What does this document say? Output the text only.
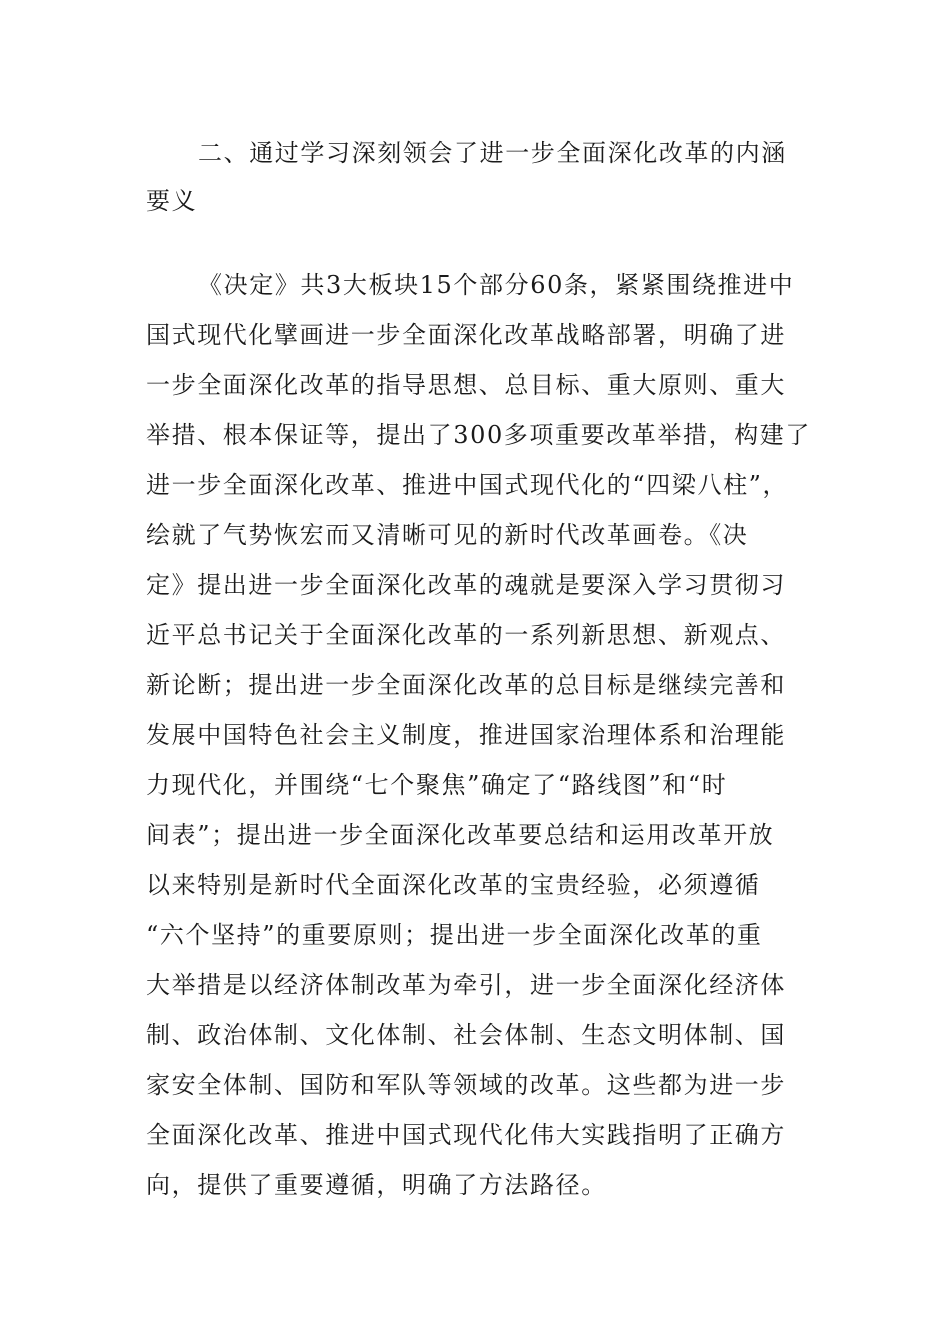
二、通过学习深刻领会了进一步全面深化改革的内涵
要义
《决定》共3大板块15个部分60条，紧紧围绕推进中
国式现代化擘画进一步全面深化改革战略部署，明确了进
一步全面深化改革的指导思想、总目标、重大原则、重大
举措、根本保证等，提出了300多项重要改革举措，构建了
进一步全面深化改革、推进中国式现代化的“四梁八柱”，
绘就了气势恢宏而又清晰可见的新时代改革画卷。《决
定》提出进一步全面深化改革的魂就是要深入学习贯彻习
近平总书记关于全面深化改革的一系列新思想、新观点、
新论断；提出进一步全面深化改革的总目标是继续完善和
发展中国特色社会主义制度，推进国家治理体系和治理能
力现代化，并围绕“七个聚焦”确定了“路线图”和“时
间表”；提出进一步全面深化改革要总结和运用改革开放
以来特别是新时代全面深化改革的宝贵经验，必须遵循
“六个坚持”的重要原则；提出进一步全面深化改革的重
大举措是以经济体制改革为牵引，进一步全面深化经济体
制、政治体制、文化体制、社会体制、生态文明体制、国
家安全体制、国防和军队等领域的改革。这些都为进一步
全面深化改革、推进中国式现代化伟大实践指明了正确方
向，提供了重要遵循，明确了方法路径。
